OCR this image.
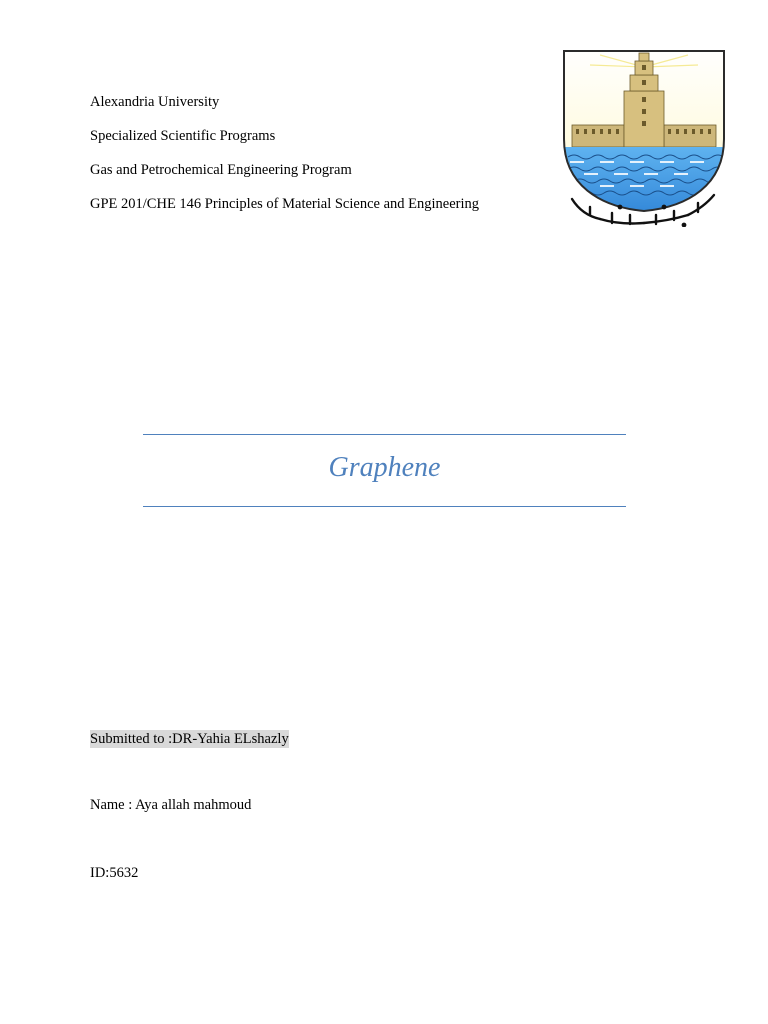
Alexandria University
Specialized Scientific Programs
Gas and Petrochemical Engineering Program
GPE 201/CHE 146 Principles of Material Science and Engineering
Graphene
Submitted to :DR-Yahia ELshazly
Name : Aya allah mahmoud
ID:5632
